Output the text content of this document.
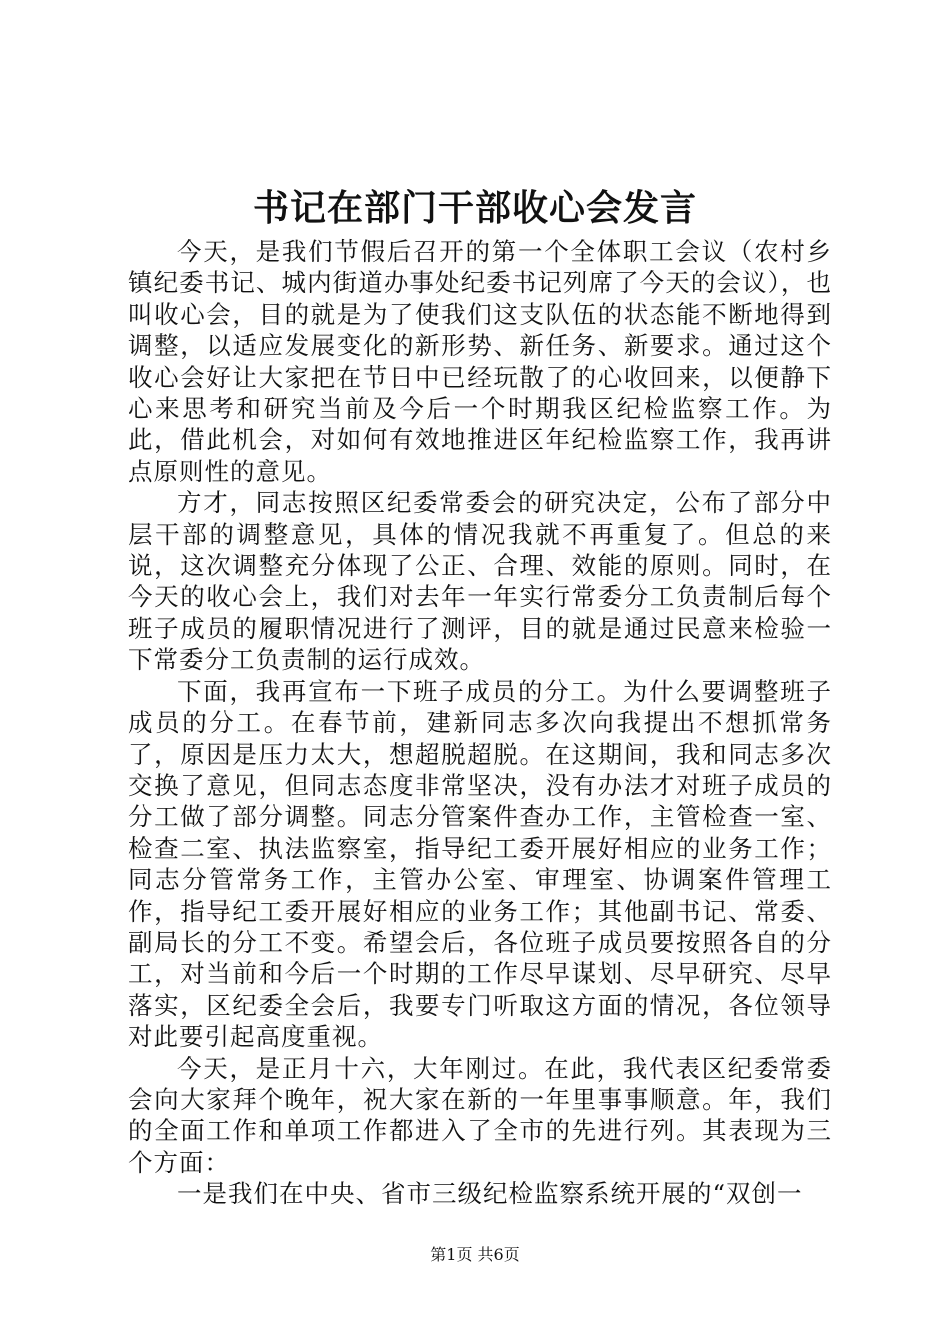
书记在部门干部收心会发言

今天，是我们节假后召开的第一个全体职工会议（农村乡镇纪委书记、城内街道办事处纪委书记列席了今天的会议），也叫收心会，目的就是为了使我们这支队伍的状态能不断地得到调整，以适应发展变化的新形势、新任务、新要求。通过这个收心会好让大家把在节日中已经玩散了的心收回来，以便静下心来思考和研究当前及今后一个时期我区纪检监察工作。为此，借此机会，对如何有效地推进区年纪检监察工作，我再讲点原则性的意见。

方才，同志按照区纪委常委会的研究决定，公布了部分中层干部的调整意见，具体的情况我就不再重复了。但总的来说，这次调整充分体现了公正、合理、效能的原则。同时，在今天的收心会上，我们对去年一年实行常委分工负责制后每个班子成员的履职情况进行了测评，目的就是通过民意来检验一下常委分工负责制的运行成效。

下面，我再宣布一下班子成员的分工。为什么要调整班子成员的分工。在春节前，建新同志多次向我提出不想抓常务了，原因是压力太大，想超脱超脱。在这期间，我和同志多次交换了意见，但同志态度非常坚决，没有办法才对班子成员的分工做了部分调整。同志分管案件查办工作，主管检查一室、检查二室、执法监察室，指导纪工委开展好相应的业务工作；同志分管常务工作，主管办公室、审理室、协调案件管理工作，指导纪工委开展好相应的业务工作；其他副书记、常委、副局长的分工不变。希望会后，各位班子成员要按照各自的分工，对当前和今后一个时期的工作尽早谋划、尽早研究、尽早落实，区纪委全会后，我要专门听取这方面的情况，各位领导对此要引起高度重视。

今天，是正月十六，大年刚过。在此，我代表区纪委常委会向大家拜个晚年，祝大家在新的一年里事事顺意。年，我们的全面工作和单项工作都进入了全市的先进行列。其表现为三个方面：

一是我们在中央、省市三级纪检监察系统开展的“双创一

第1页 共6页
